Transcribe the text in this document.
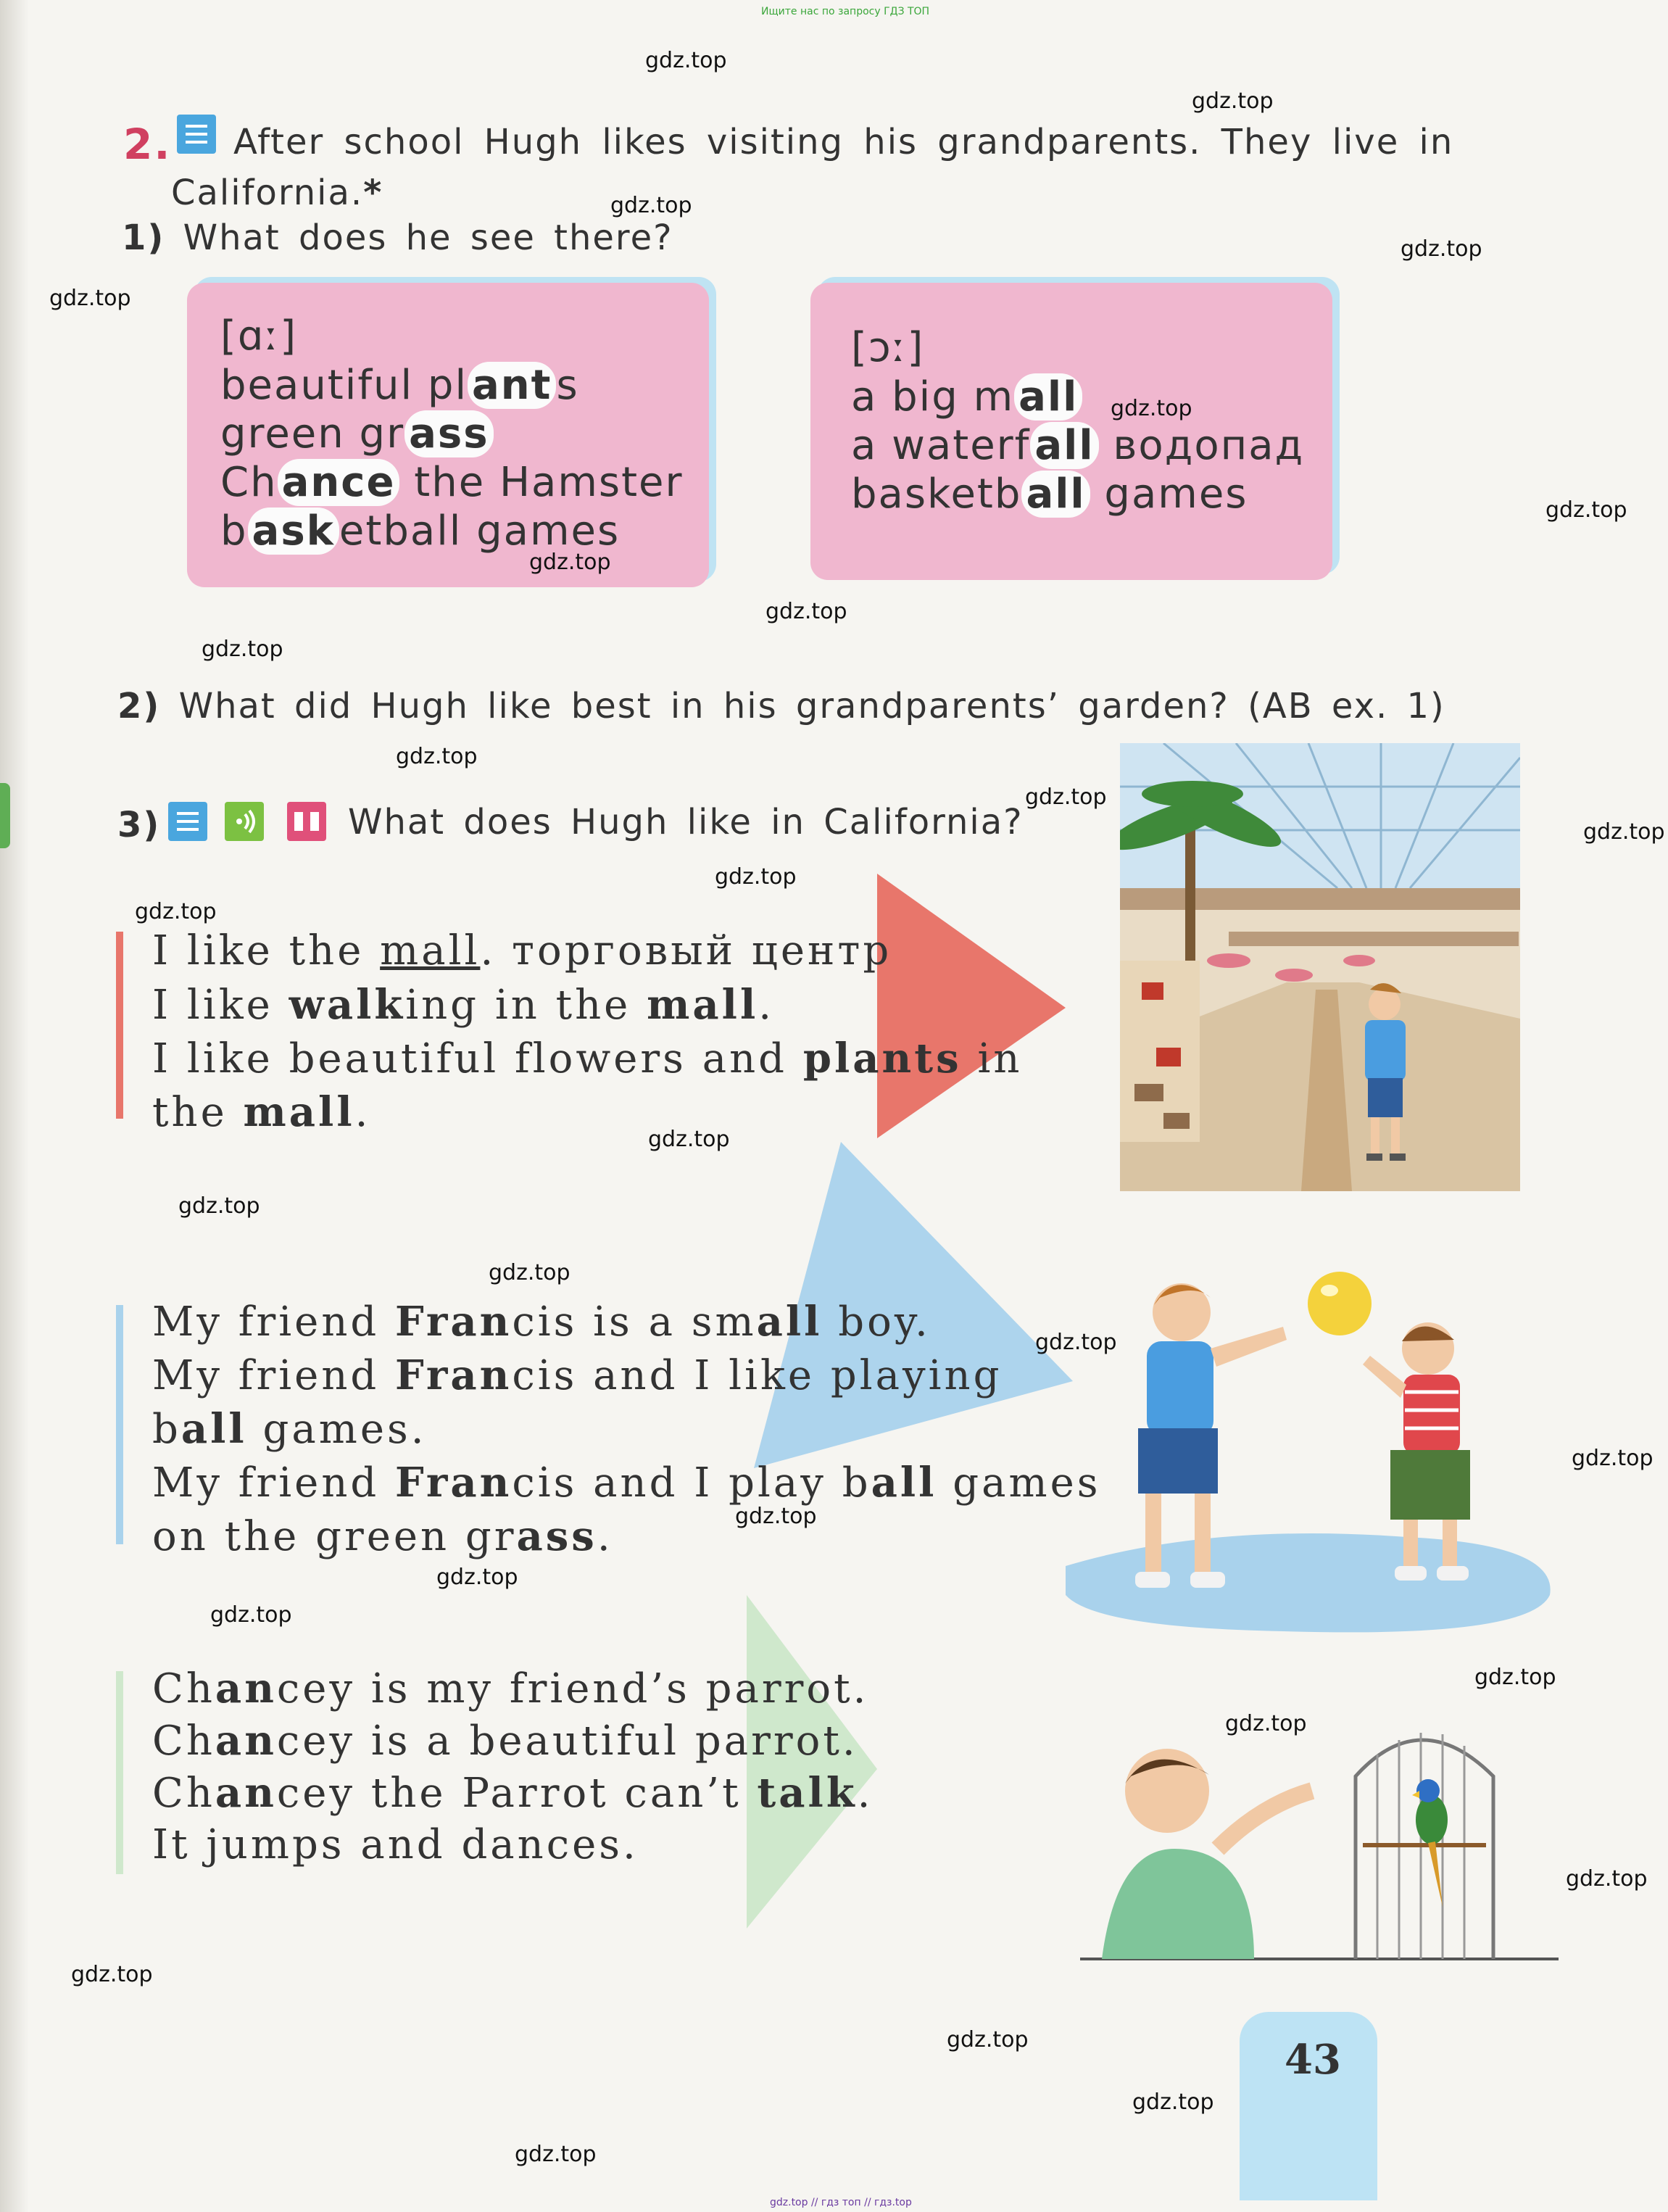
Ищите нас по запросу ГДЗ ТОП
gdz.top // гдз топ // гдз.top
2. After school Hugh likes visiting his grandparents. They live in
California.*
1) What does he see there?
[ɑː]
beautiful pl ant s
green gr ass
Ch ance the Hamster
b ask etball games
[ɔː]
a big m all
a waterf all водопад
basketb all games
2) What did Hugh like best in his grandparents’ garden? (AB ex. 1)
3)	What does Hugh like in California?
I like the mall. торговый центр
I like walking in the mall.
I like beautiful flowers and plants in
the mall.
My friend Francis is a small boy.
My friend Francis and I like playing
ball games.
My friend Francis and I play ball games
on the green grass.
Chancey is my friend’s parrot.
Chancey is a beautiful parrot.
Chancey the Parrot can’t talk.
It jumps and dances.
43
gdz.top
gdz.top
gdz.top
gdz.top
gdz.top
gdz.top
gdz.top
gdz.top
gdz.top
gdz.top
gdz.top
gdz.top
gdz.top
gdz.top
gdz.top
gdz.top
gdz.top
gdz.top
gdz.top
gdz.top
gdz.top
gdz.top
gdz.top
gdz.top
gdz.top
gdz.top
gdz.top
gdz.top
gdz.top
gdz.top
